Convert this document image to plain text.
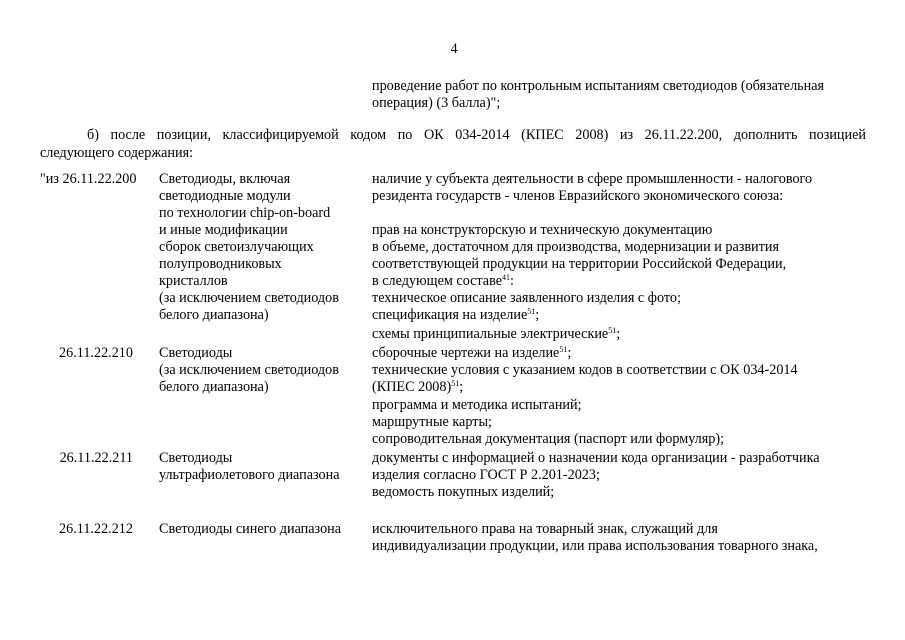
4
проведение работ по контрольным испытаниям светодиодов (обязательная
операция) (3 балла)";
б) после позиции, классифицируемой кодом по ОК 034-2014 (КПЕС 2008) из 26.11.22.200, дополнить позицией
следующего содержания:
"из 26.11.22.200 Светодиоды, включая
светодиодные модули
по технологии chip-on-board
и иные модификации
сборок светоизлучающих
полупроводниковых
кристаллов
(за исключением светодиодов
белого диапазона)
26.11.22.210 Светодиоды
(за исключением светодиодов
белого диапазона)
26.11.22.211 Светодиоды
ультрафиолетового диапазона
26.11.22.212 Светодиоды синего диапазона
наличие у субъекта деятельности в сфере промышленности - налогового
резидента государств - членов Евразийского экономического союза:
прав на конструкторскую и техническую документацию
в объеме, достаточном для производства, модернизации и развития
соответствующей продукции на территории Российской Федерации,
в следующем составе$^{41}$:
техническое описание заявленного изделия с фото;
спецификация на изделие$^{51}$;
схемы принципиальные электрические$^{51}$;
сборочные чертежи на изделие$^{51}$;
технические условия с указанием кодов в соответствии с ОК 034-2014
(КПЕС 2008)$^{51}$;
программа и методика испытаний;
маршрутные карты;
сопроводительная документация (паспорт или формуляр);
документы с информацией о назначении кода организации - разработчика
изделия согласно ГОСТ Р 2.201-2023;
ведомость покупных изделий;
исключительного права на товарный знак, служащий для
индивидуализации продукции, или права использования товарного знака,
